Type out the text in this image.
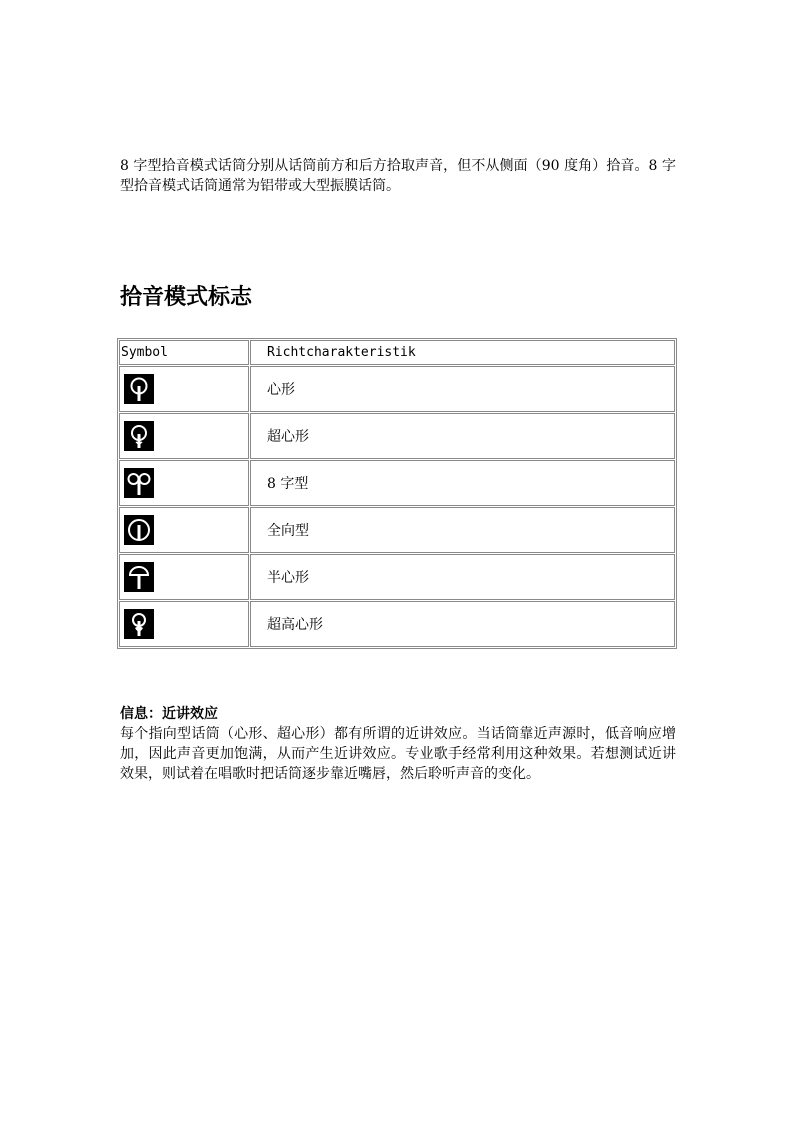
8 字型拾音模式话筒分别从话筒前方和后方拾取声音，但不从侧面（90 度角）拾音。8 字型拾音模式话筒通常为铝带或大型振膜话筒。

拾音模式标志
Symbol	Richtcharakteristik

	心形

	超心形

	8 字型

	全向型

	半心形

	超高心形
信息：近讲效应

每个指向型话筒（心形、超心形）都有所谓的近讲效应。当话筒靠近声源时，低音响应增加，因此声音更加饱满，从而产生近讲效应。专业歌手经常利用这种效果。若想测试近讲效果，则试着在唱歌时把话筒逐步靠近嘴唇，然后聆听声音的变化。
